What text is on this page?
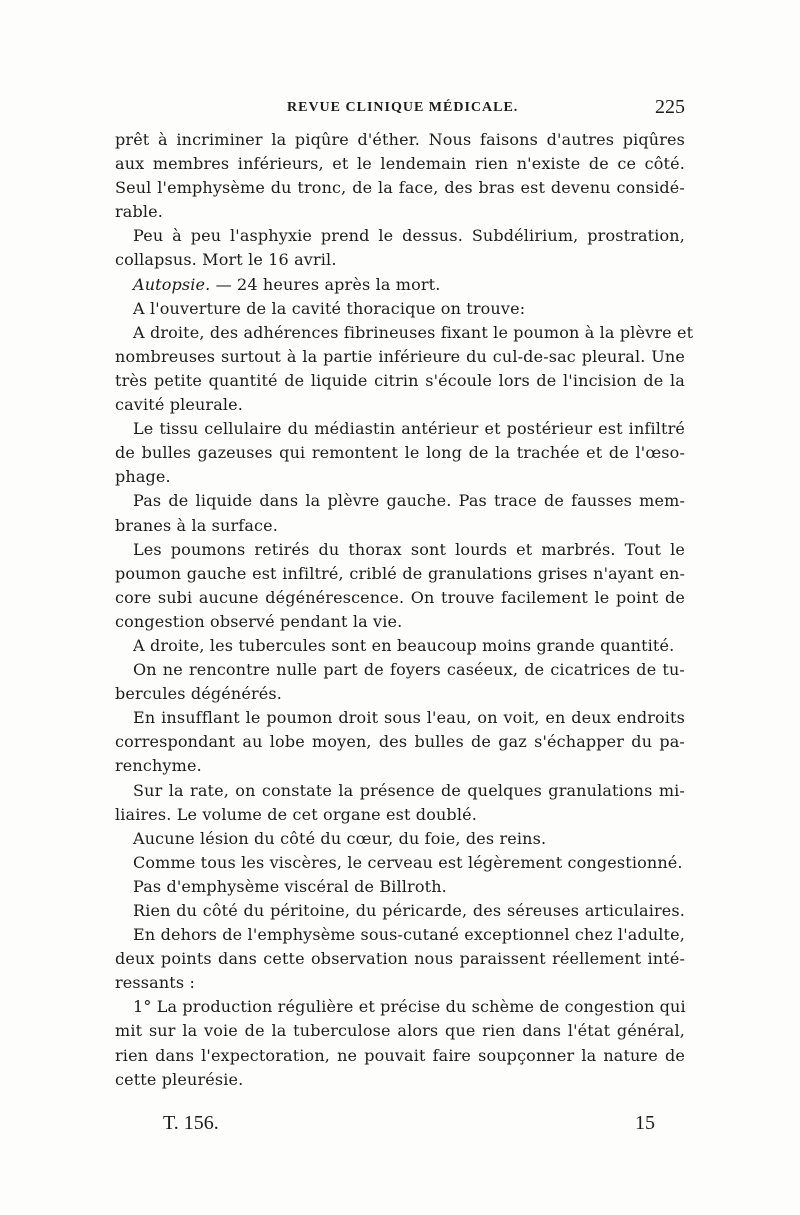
REVUE CLINIQUE MÉDICALE.	225
prêt à incriminer la piqûre d'éther. Nous faisons d'autres piqûres
aux membres inférieurs, et le lendemain rien n'existe de ce côté.
Seul l'emphysème du tronc, de la face, des bras est devenu considé-
rable.
Peu à peu l'asphyxie prend le dessus. Subdélirium, prostration,
collapsus. Mort le 16 avril.
Autopsie. — 24 heures après la mort.
A l'ouverture de la cavité thoracique on trouve:
A droite, des adhérences fibrineuses fixant le poumon à la plèvre et
nombreuses surtout à la partie inférieure du cul-de-sac pleural. Une
très petite quantité de liquide citrin s'écoule lors de l'incision de la
cavité pleurale.
Le tissu cellulaire du médiastin antérieur et postérieur est infiltré
de bulles gazeuses qui remontent le long de la trachée et de l'œso-
phage.
Pas de liquide dans la plèvre gauche. Pas trace de fausses mem-
branes à la surface.
Les poumons retirés du thorax sont lourds et marbrés. Tout le
poumon gauche est infiltré, criblé de granulations grises n'ayant en-
core subi aucune dégénérescence. On trouve facilement le point de
congestion observé pendant la vie.
A droite, les tubercules sont en beaucoup moins grande quantité.
On ne rencontre nulle part de foyers caséeux, de cicatrices de tu-
bercules dégénérés.
En insufflant le poumon droit sous l'eau, on voit, en deux endroits
correspondant au lobe moyen, des bulles de gaz s'échapper du pa-
renchyme.
Sur la rate, on constate la présence de quelques granulations mi-
liaires. Le volume de cet organe est doublé.
Aucune lésion du côté du cœur, du foie, des reins.
Comme tous les viscères, le cerveau est légèrement congestionné.
Pas d'emphysème viscéral de Billroth.
Rien du côté du péritoine, du péricarde, des séreuses articulaires.
En dehors de l'emphysème sous-cutané exceptionnel chez l'adulte,
deux points dans cette observation nous paraissent réellement inté-
ressants :
1° La production régulière et précise du schème de congestion qui
mit sur la voie de la tuberculose alors que rien dans l'état général,
rien dans l'expectoration, ne pouvait faire soupçonner la nature de
cette pleurésie.
T. 156.	15
